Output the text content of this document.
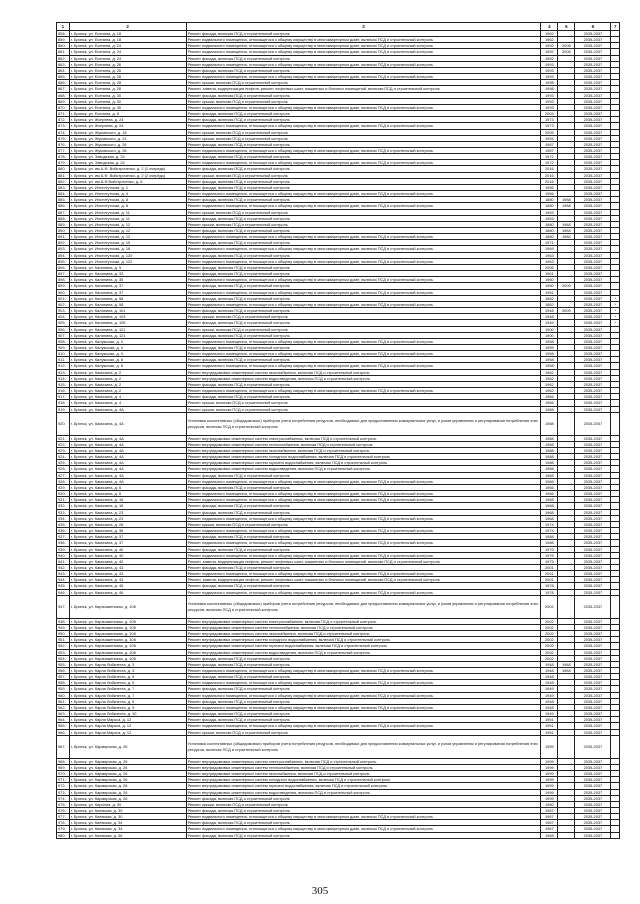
1	2	3	4	5	6	7
858.	г. Брянск, ул. Есенина, д. 18	Ремонт фасада, включая ПСД и строительный контроль	1962		2035-2037	
859.	г. Брянск, ул. Есенина, д. 18	Ремонт подвального помещения, относящегося к общему имуществу в многоквартирном доме, включая ПСД и строительный контроль	1962		2035-2037	
860.	г. Брянск, ул. Есенина, д. 24	Ремонт подвального помещения, относящегося к общему имуществу в многоквартирном доме, включая ПСД и строительный контроль	1992	2008	2035-2037	
861.	г. Брянск, ул. Есенина, д. 24	Ремонт подвального помещения, относящегося к общему имуществу в многоквартирном доме, включая ПСД и строительный контроль	1992	2008	2035-2037	
862.	г. Брянск, ул. Есенина, д. 24	Ремонт фасада, включая ПСД и строительный контроль	1992		2035-2037	
863.	г. Брянск, ул. Есенина, д. 26	Ремонт подвального помещения, относящегося к общему имуществу в многоквартирном доме, включая ПСД и строительный контроль	1993		2035-2037	
864.	г. Брянск, ул. Есенина, д. 26	Ремонт фасада, включая ПСД и строительный контроль	1993		2035-2037	
865.	г. Брянск, ул. Есенина, д. 28	Ремонт подвального помещения, относящегося к общему имуществу в многоквартирном доме, включая ПСД и строительный контроль	1993		2035-2037	
866.	г. Брянск, ул. Есенина, д. 28	Ремонт крыши, включая ПСД и строительный контроль	1998		2035-2037	
867.	г. Брянск, ул. Есенина, д. 28	Ремонт, замена, модернизация лифтов, ремонт лифтовых шахт, машинных и блочных помещений, включая ПСД и строительный контроль	1998		2035-2037	
868.	г. Брянск, ул. Есенина, д. 30	Ремонт фасада, включая ПСД и строительный контроль	1993		2035-2037	
869.	г. Брянск, ул. Есенина, д. 30	Ремонт крыши, включая ПСД и строительный контроль	1993		2035-2037	
870.	г. Брянск, ул. Есенина, д. 30	Ремонт подвального помещения, относящегося к общему имуществу в многоквартирном доме, включая ПСД и строительный контроль	1993		2035-2037	
871.	г. Брянск, ул. Есенина, д. 8	Ремонт фасада, включая ПСД и строительный контроль	2004		2035-2037	
872.	г. Брянск, ул. Жигулева, д. 24	Ремонт фасада, включая ПСД и строительный контроль	1973		2035-2037	
873.	г. Брянск, ул. Жигулева, д. 24	Ремонт подвального помещения, относящегося к общему имуществу в многоквартирном доме, включая ПСД и строительный контроль	1973		2035-2037	
874.	г. Брянск, ул. Жуковского, д. 18	Ремонт крыши, включая ПСД и строительный контроль	2005		2035-2037	
875.	г. Брянск, ул. Жуковского, д. 21	Ремонт крыши, включая ПСД и строительный контроль	1994		2035-2037	
876.	г. Брянск, ул. Жуковского, д. 26	Ремонт фасада, включая ПСД и строительный контроль	1987		2035-2037	
877.	г. Брянск, ул. Жуковского, д. 26	Ремонт подвального помещения, относящегося к общему имуществу в многоквартирном доме, включая ПСД и строительный контроль	1987		2035-2037	
878.	г. Брянск, ул. Заводская, д. 24	Ремонт фасада, включая ПСД и строительный контроль	1972		2035-2037	
879.	г. Брянск, ул. Заводская, д. 24	Ремонт подвального помещения, относящегося к общему имуществу в многоквартирном доме, включая ПСД и строительный контроль	1972		2035-2037	
880.	г. Брянск, ул. им А.Ф. Войстроченко, д. 2 (1 очередь)	Ремонт фасада, включая ПСД и строительный контроль	2016		2035-2037	
881.	г. Брянск, ул. им А.Ф. Войстроченко, д. 2 (2 очередь)	Ремонт крыши, включая ПСД и строительный контроль	2016		2035-2037	
882.	г. Брянск, ул. им А.Ф.Войстроченко, д. 6	Ремонт фасада, включая ПСД и строительный контроль	2016		2035-2037	
883.	г. Брянск, ул. Институтская, д. 1	Ремонт фасада, включая ПСД и строительный контроль	1956		2035-2037	
884.	г. Брянск, ул. Институтская, д. 4	Ремонт подвального помещения, относящегося к общему имуществу в многоквартирном доме, включая ПСД и строительный контроль	1956		2035-2037	
885.	г. Брянск, ул. Институтская, д. 8	Ремонт фасада, включая ПСД и строительный контроль	1880	1988	2035-2037	
886.	г. Брянск, ул. Институтская, д. 8	Ремонт подвального помещения, относящегося к общему имуществу в многоквартирном доме, включая ПСД и строительный контроль	1880	1988	2035-2037	
887.	г. Брянск, ул. Институтская, д. 11	Ремонт крыши, включая ПСД и строительный контроль	1953		2035-2037	
888.	г. Брянск, ул. Институтская, д. 11	Ремонт фасада, включая ПСД и строительный контроль	1953		2035-2037	
889.	г. Брянск, ул. Институтская, д. 12	Ремонт крыши, включая ПСД и строительный контроль	1880	1984	2035-2037	
890.	г. Брянск, ул. Институтская, д. 12	Ремонт фасада, включая ПСД и строительный контроль	1880	1984	2035-2037	
891.	г. Брянск, ул. Институтская, д. 12	Ремонт подвального помещения, относящегося к общему имуществу в многоквартирном доме, включая ПСД и строительный контроль	1880	1984	2035-2037	
892.	г. Брянск, ул. Институтская, д. 15	Ремонт фасада, включая ПСД и строительный контроль	1971		2035-2037	
893.	г. Брянск, ул. Институтская, д. 18	Ремонт подвального помещения, относящегося к общему имуществу в многоквартирном доме, включая ПСД и строительный контроль	1969		2035-2037	
894.	г. Брянск, ул. Институтская, д. 120	Ремонт фасада, включая ПСД и строительный контроль	1963		2035-2037	
895.	г. Брянск, ул. Институтская, д. 122	Ремонт подвального помещения, относящегося к общему имуществу в многоквартирном доме, включая ПСД и строительный контроль	1963		2035-2037	
896.	г. Брянск, ул. Калинина, д. 5	Ремонт фасада, включая ПСД и строительный контроль	2006		2035-2037	
897.	г. Брянск, ул. Калинина, д. 33	Ремонт фасада, включая ПСД и строительный контроль	1961		2035-2037	
898.	г. Брянск, ул. Калинина, д. 35	Ремонт подвального помещения, относящегося к общему имуществу в многоквартирном доме, включая ПСД и строительный контроль	1960		2035-2037	
899.	г. Брянск, ул. Калинина, д. 37	Ремонт фасада, включая ПСД и строительный контроль	1950	2009	2035-2037	
900.	г. Брянск, ул. Калинина, д. 37	Ремонт подвального помещения, относящегося к общему имуществу в многоквартирном доме, включая ПСД и строительный контроль	1951		2035-2037	
901.	г. Брянск, ул. Калинина, д. 58	Ремонт фасада, включая ПСД и строительный контроль	1882		2035-2037	*
902.	г. Брянск, ул. Калинина, д. 58	Ремонт подвального помещения, относящегося к общему имуществу в многоквартирном доме, включая ПСД и строительный контроль	1882		2035-2037	*
903.	г. Брянск, ул. Калинина, д. 101	Ремонт фасада, включая ПСД и строительный контроль	1948	2009	2035-2037	*
904.	г. Брянск, ул. Калинина, д. 103	Ремонт крыши, включая ПСД и строительный контроль	1948		2035-2037	*
905.	г. Брянск, ул. Калинина, д. 105	Ремонт фасада, включая ПСД и строительный контроль	1949		2035-2037	*
906.	г. Брянск, ул. Калинина, д. 121	Ремонт крыши, включая ПСД и строительный контроль	1900		2035-2037	
907.	г. Брянск, ул. Калинина, д. 121	Ремонт фасада, включая ПСД и строительный контроль	1900		2035-2037	
908.	г. Брянск, ул. Калужская, д. 2	Ремонт подвального помещения, относящегося к общему имуществу в многоквартирном доме, включая ПСД и строительный контроль	1958		2035-2037	
909.	г. Брянск, ул. Калужская, д. 4	Ремонт фасада, включая ПСД и строительный контроль	1959		2035-2037	
910.	г. Брянск, ул. Калужская, д. 4	Ремонт подвального помещения, относящегося к общему имуществу в многоквартирном доме, включая ПСД и строительный контроль	1958		2035-2037	
911.	г. Брянск, ул. Калужская, д. 8	Ремонт фасада, включая ПСД и строительный контроль	1958		2035-2037	
912.	г. Брянск, ул. Калужская, д. 8	Ремонт подвального помещения, относящегося к общему имуществу в многоквартирном доме, включая ПСД и строительный контроль	1958		2035-2037	
913.	г. Брянск, ул. Камозина, д. 2	Ремонт внутридомовых инженерных систем газоснабжения, включая ПСД и строительный контроль	1962		2035-2037	
914.	г. Брянск, ул. Камозина, д. 2	Ремонт внутридомовых инженерных систем водоотведения, включая ПСД и строительный контроль	1962		2035-2037	
915.	г. Брянск, ул. Камозина, д. 2	Ремонт фасада, включая ПСД и строительный контроль	1962		2035-2037	
916.	г. Брянск, ул. Камозина, д. 2	Ремонт подвального помещения, относящегося к общему имуществу в многоквартирном доме, включая ПСД и строительный контроль	1962		2035-2037	
917.	г. Брянск, ул. Камозина, д. 4	Ремонт фасада, включая ПСД и строительный контроль	1966		2035-2037	
918.	г. Брянск, ул. Камозина, д. 4	Ремонт крыши, включая ПСД и строительный контроль	1966		2035-2037	
919.	г. Брянск, ул. Камозина, д. 4А	Ремонт крыши, включая ПСД и строительный контроль	1988		2035-2037	
920.	г. Брянск, ул. Камозина, д. 4А	Установка коллективных (общедомовых) приборов учета потребления ресурсов, необходимых для предоставления коммунальных услуг, и узлов управления и регулирования потребления этих ресурсов, включая ПСД и строительный контроль	1988		2035-2037	
921.	г. Брянск, ул. Камозина, д. 4А	Ремонт внутридомовых инженерных систем электроснабжения, включая ПСД и строительный контроль	1988		2035-2037	
922.	г. Брянск, ул. Камозина, д. 4А	Ремонт внутридомовых инженерных систем теплоснабжения, включая ПСД и строительный контроль	1988		2035-2037	
923.	г. Брянск, ул. Камозина, д. 4А	Ремонт внутридомовых инженерных систем газоснабжения, включая ПСД и строительный контроль	1988		2035-2037	
924.	г. Брянск, ул. Камозина, д. 4А	Ремонт внутридомовых инженерных систем холодного водоснабжения, включая ПСД и строительный контроль	1988		2035-2037	
925.	г. Брянск, ул. Камозина, д. 4А	Ремонт внутридомовых инженерных систем горячего водоснабжения, включая ПСД и строительный контроль	1988		2035-2037	
926.	г. Брянск, ул. Камозина, д. 4А	Ремонт внутридомовых инженерных систем водоотведения, включая ПСД и строительный контроль	1988		2035-2037	
927.	г. Брянск, ул. Камозина, д. 4А	Ремонт фасада, включая ПСД и строительный контроль	1988		2035-2037	
928.	г. Брянск, ул. Камозина, д. 4А	Ремонт подвального помещения, относящегося к общему имуществу в многоквартирном доме, включая ПСД и строительный контроль	1988		2035-2037	
929.	г. Брянск, ул. Камозина, д. 6	Ремонт фасада, включая ПСД и строительный контроль	1966		2035-2037	
930.	г. Брянск, ул. Камозина, д. 6	Ремонт подвального помещения, относящегося к общему имуществу в многоквартирном доме, включая ПСД и строительный контроль	1966		2035-2037	
931.	г. Брянск, ул. Камозина, д. 16	Ремонт подвального помещения, относящегося к общему имуществу в многоквартирном доме, включая ПСД и строительный контроль	1968		2035-2037	
932.	г. Брянск, ул. Камозина, д. 18	Ремонт фасада, включая ПСД и строительный контроль	1968		2035-2037	
933.	г. Брянск, ул. Камозина, д. 23	Ремонт фасада, включая ПСД и строительный контроль	1968		2035-2037	
934.	г. Брянск, ул. Камозина, д. 23	Ремонт подвального помещения, относящегося к общему имуществу в многоквартирном доме, включая ПСД и строительный контроль	1968		2035-2037	
935.	г. Брянск, ул. Камозина, д. 26	Ремонт крыши, включая ПСД и строительный контроль	1974		2035-2037	
936.	г. Брянск, ул. Камозина, д. 36	Ремонт подвального помещения, относящегося к общему имуществу в многоквартирном доме, включая ПСД и строительный контроль	1974		2035-2037	
937.	г. Брянск, ул. Камозина, д. 37	Ремонт фасада, включая ПСД и строительный контроль	1988		2035-2037	
938.	г. Брянск, ул. Камозина, д. 37	Ремонт подвального помещения, относящегося к общему имуществу в многоквартирном доме, включая ПСД и строительный контроль	1988		2035-2037	
939.	г. Брянск, ул. Камозина, д. 40	Ремонт фасада, включая ПСД и строительный контроль	1975		2035-2037	
940.	г. Брянск, ул. Камозина, д. 40	Ремонт подвального помещения, относящегося к общему имуществу в многоквартирном доме, включая ПСД и строительный контроль	1975		2035-2037	
941.	г. Брянск, ул. Камозина, д. 40	Ремонт, замена, модернизация лифтов, ремонт лифтовых шахт, машинных и блочных помещений, включая ПСД и строительный контроль	1975		2035-2037	
942.	г. Брянск, ул. Камозина, д. 43	Ремонт фасада, включая ПСД и строительный контроль	2001		2035-2037	
943.	г. Брянск, ул. Камозина, д. 43	Ремонт подвального помещения, относящегося к общему имуществу в многоквартирном доме, включая ПСД и строительный контроль	2001		2035-2037	
944.	г. Брянск, ул. Камозина, д. 43	Ремонт, замена, модернизация лифтов, ремонт лифтовых шахт, машинных и блочных помещений, включая ПСД и строительный контроль	2001		2035-2037	
945.	г. Брянск, ул. Камозина, д. 46	Ремонт фасада, включая ПСД и строительный контроль	1978		2035-2037	
946.	г. Брянск, ул. Камозина, д. 46	Ремонт подвального помещения, относящегося к общему имуществу в многоквартирном доме, включая ПСД и строительный контроль	1978		2035-2037	
947.	г. Брянск, ул. Карачиженская, д. 108	Установка коллективных (общедомовых) приборов учета потребления ресурсов, необходимых для предоставления коммунальных услуг, и узлов управления и регулирования потребления этих ресурсов, включая ПСД и строительный контроль	2002		2035-2037	
948.	г. Брянск, ул. Карачиженская, д. 108	Ремонт внутридомовых инженерных систем электроснабжения, включая ПСД и строительный контроль	2002		2035-2037	
949.	г. Брянск, ул. Карачиженская, д. 108	Ремонт внутридомовых инженерных систем теплоснабжения, включая ПСД и строительный контроль	2002		2035-2037	
950.	г. Брянск, ул. Карачиженская, д. 108	Ремонт внутридомовых инженерных систем газоснабжения, включая ПСД и строительный контроль	2002		2035-2037	
951.	г. Брянск, ул. Карачиженская, д. 108	Ремонт внутридомовых инженерных систем холодного водоснабжения, включая ПСД и строительный контроль	2002		2035-2037	
952.	г. Брянск, ул. Карачиженская, д. 108	Ремонт внутридомовых инженерных систем горячего водоснабжения, включая ПСД и строительный контроль	2002		2035-2037	
953.	г. Брянск, ул. Карачиженская, д. 108	Ремонт внутридомовых инженерных систем водоотведения, включая ПСД и строительный контроль	2002		2035-2037	
954.	г. Брянск, ул. Карачиженская, д. 108	Ремонт фасада, включая ПСД и строительный контроль	2002		2035-2037	
955.	г. Брянск, ул. Карла Либкнехта, д. 3	Ремонт фасада, включая ПСД и строительный контроль	1948	1984	2035-2037	
956.	г. Брянск, ул. Карла Либкнехта, д. 3	Ремонт подвального помещения, относящегося к общему имуществу в многоквартирном доме, включая ПСД и строительный контроль	1948	1984	2035-2037	
957.	г. Брянск, ул. Карла Либкнехта, д. 5	Ремонт фасада, включая ПСД и строительный контроль	1948		2035-2037	
958.	г. Брянск, ул. Карла Либкнехта, д. 5	Ремонт подвального помещения, относящегося к общему имуществу в многоквартирном доме, включая ПСД и строительный контроль	1948		2035-2037	
959.	г. Брянск, ул. Карла Либкнехта, д. 7	Ремонт фасада, включая ПСД и строительный контроль	1949		2035-2037	
960.	г. Брянск, ул. Карла Либкнехта, д. 7	Ремонт подвального помещения, относящегося к общему имуществу в многоквартирном доме, включая ПСД и строительный контроль	1949		2035-2037	
961.	г. Брянск, ул. Карла Либкнехта, д. 9	Ремонт фасада, включая ПСД и строительный контроль	1948		2035-2037	
962.	г. Брянск, ул. Карла Либкнехта, д. 9	Ремонт подвального помещения, относящегося к общему имуществу в многоквартирном доме, включая ПСД и строительный контроль	1948		2035-2037	
963.	г. Брянск, ул. Карла Либкнехта, д. 10	Ремонт фасада, включая ПСД и строительный контроль	1949		2035-2037	
964.	г. Брянск, ул. Карла Маркса, д. 12	Ремонт фасада, включая ПСД и строительный контроль	1951		2035-2037	
965.	г. Брянск, ул. Карла Маркса, д. 12	Ремонт подвального помещения, относящегося к общему имуществу в многоквартирном доме, включая ПСД и строительный контроль	1951		2035-2037	
966.	г. Брянск, ул. Карла Маркса, д. 12	Ремонт крыши, включая ПСД и строительный контроль	1951		2035-2037	
967.	г. Брянск, ул. Кармирская, д. 26	Установка коллективных (общедомовых) приборов учета потребления ресурсов, необходимых для предоставления коммунальных услуг, и узлов управления и регулирования потребления этих ресурсов, включая ПСД и строительный контроль	1999		2035-2037	
968.	г. Брянск, ул. Кармирская, д. 26	Ремонт внутридомовых инженерных систем электроснабжения, включая ПСД и строительный контроль	1999		2035-2037	
969.	г. Брянск, ул. Кармирская, д. 26	Ремонт внутридомовых инженерных систем теплоснабжения, включая ПСД и строительный контроль	1999		2035-2037	
970.	г. Брянск, ул. Кармирская, д. 26	Ремонт внутридомовых инженерных систем газоснабжения, включая ПСД и строительный контроль	1999		2035-2037	
971.	г. Брянск, ул. Кармирская, д. 26	Ремонт внутридомовых инженерных систем холодного водоснабжения, включая ПСД и строительный контроль	1999		2035-2037	
972.	г. Брянск, ул. Кармирская, д. 26	Ремонт внутридомовых инженерных систем горячего водоснабжения, включая ПСД и строительный контроль	1999		2035-2037	
973.	г. Брянск, ул. Кармирская, д. 26	Ремонт внутридомовых инженерных систем водоотведения, включая ПСД и строительный контроль	1999		2035-2037	
974.	г. Брянск, ул. Кармирская, д. 26	Ремонт фасада, включая ПСД и строительный контроль	1999		2035-2037	
975.	г. Брянск, ул. Кирилла, д. 30	Ремонт крыши, включая ПСД и строительный контроль	1960		2035-2037	
976.	г. Брянск, ул. Киевская, д. 30	Ремонт фасада, включая ПСД и строительный контроль	1967		2035-2037	
977.	г. Брянск, ул. Киевская, д. 30	Ремонт подвального помещения, относящегося к общему имуществу в многоквартирном доме, включая ПСД и строительный контроль	1967		2035-2037	
978.	г. Брянск, ул. Киевская, д. 34	Ремонт фасада, включая ПСД и строительный контроль	1967		2035-2037	
979.	г. Брянск, ул. Киевская, д. 34	Ремонт подвального помещения, относящегося к общему имуществу в многоквартирном доме, включая ПСД и строительный контроль	1967		2035-2037	
980.	г. Брянск, ул. Киевская, д. 36	Ремонт фасада, включая ПСД и строительный контроль	1968		2035-2037	
305
